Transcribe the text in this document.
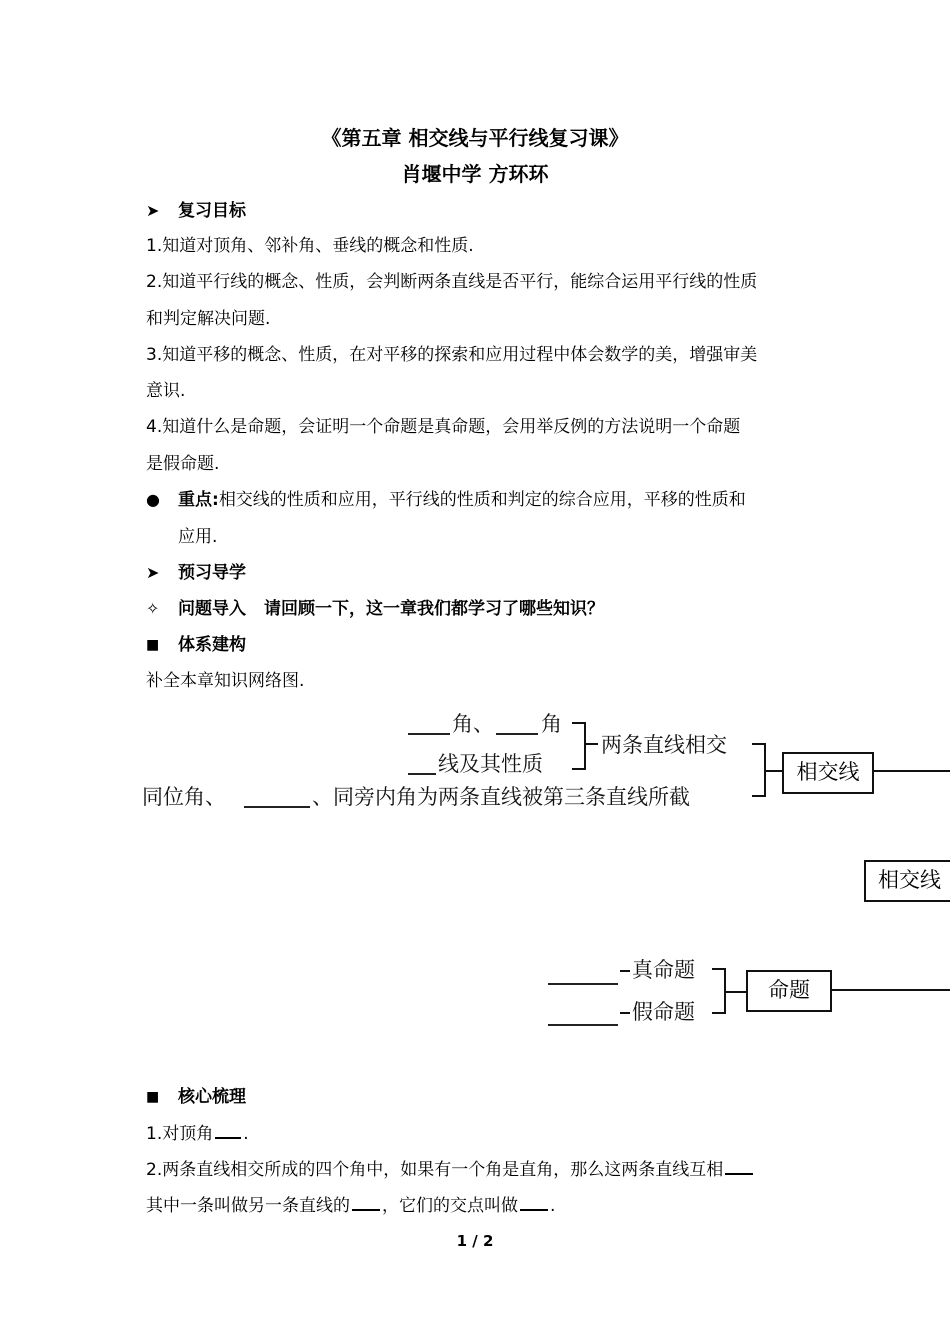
《第五章 相交线与平行线复习课》
肖堰中学 方环环
➤ 复习目标
1.知道对顶角、邻补角、垂线的概念和性质.
2.知道平行线的概念、性质，会判断两条直线是否平行，能综合运用平行线的性质
和判定解决问题.
3.知道平移的概念、性质，在对平移的探索和应用过程中体会数学的美，增强审美
意识.
4.知道什么是命题，会证明一个命题是真命题，会用举反例的方法说明一个命题
是假命题.
● 重点:相交线的性质和应用，平行线的性质和判定的综合应用，平移的性质和
应用.
➤ 预习导学
✧ 问题导入 请回顾一下，这一章我们都学习了哪些知识？
■ 体系建构
补全本章知识网络图.
角、 角
线及其性质
两条直线相交
同位角、	、同旁内角为两条直线被第三条直线所截
相交线
相交线
真命题
假命题
命题
■ 核心梳理
1.对顶角 .
2.两条直线相交所成的四个角中，如果有一个角是直角，那么这两条直线互相
其中一条叫做另一条直线的 ，它们的交点叫做 .
1 / 2
